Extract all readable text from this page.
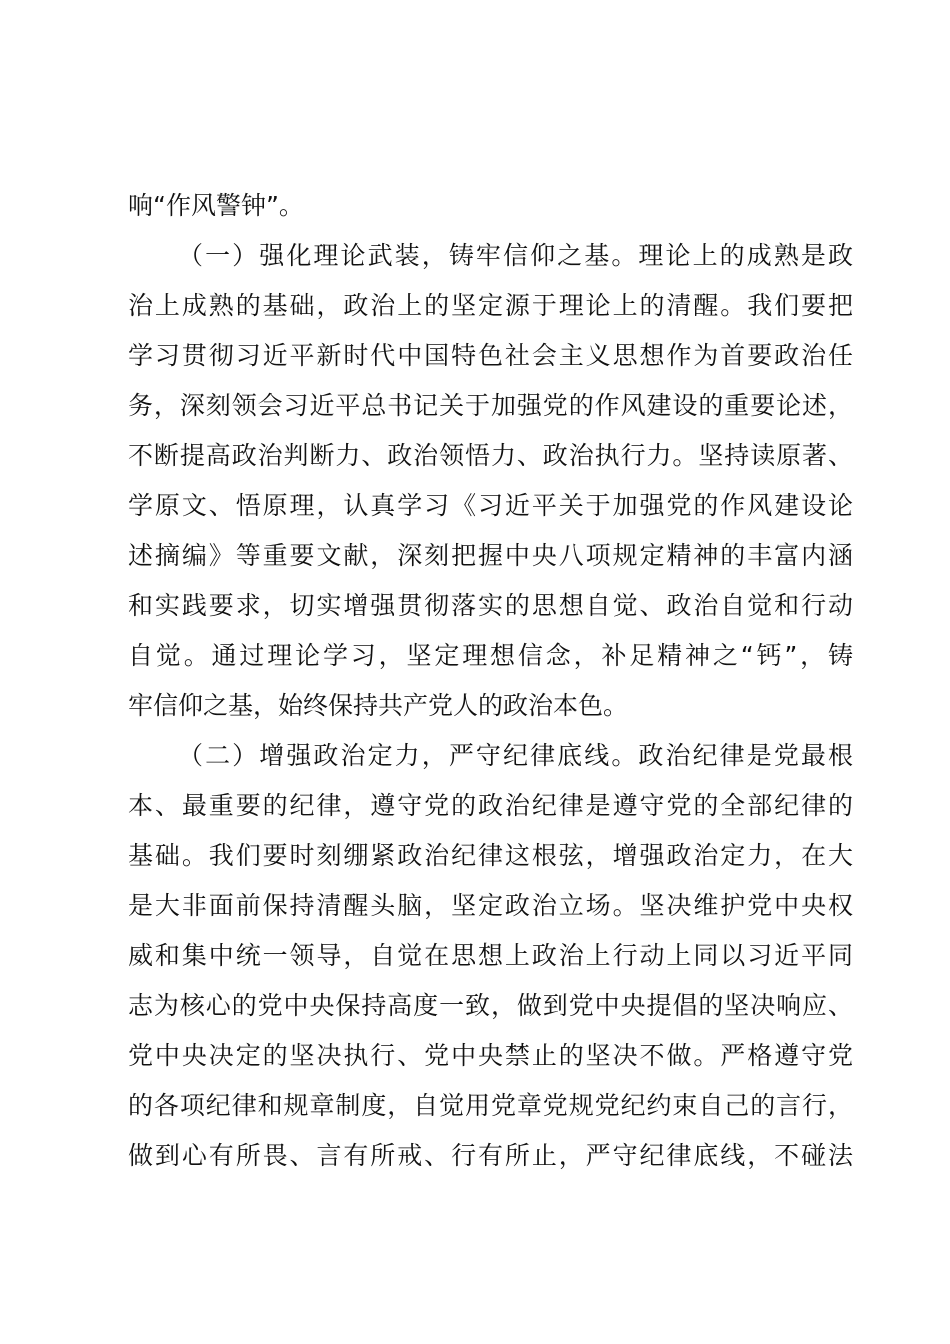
响“作风警钟”。
（一）强化理论武装，铸牢信仰之基。理论上的成熟是政
治上成熟的基础，政治上的坚定源于理论上的清醒。我们要把
学习贯彻习近平新时代中国特色社会主义思想作为首要政治任
务，深刻领会习近平总书记关于加强党的作风建设的重要论述，
不断提高政治判断力、政治领悟力、政治执行力。坚持读原著、
学原文、悟原理，认真学习《习近平关于加强党的作风建设论
述摘编》等重要文献，深刻把握中央八项规定精神的丰富内涵
和实践要求，切实增强贯彻落实的思想自觉、政治自觉和行动
自觉。通过理论学习，坚定理想信念，补足精神之“钙”，铸
牢信仰之基，始终保持共产党人的政治本色。
（二）增强政治定力，严守纪律底线。政治纪律是党最根
本、最重要的纪律，遵守党的政治纪律是遵守党的全部纪律的
基础。我们要时刻绷紧政治纪律这根弦，增强政治定力，在大
是大非面前保持清醒头脑，坚定政治立场。坚决维护党中央权
威和集中统一领导，自觉在思想上政治上行动上同以习近平同
志为核心的党中央保持高度一致，做到党中央提倡的坚决响应、
党中央决定的坚决执行、党中央禁止的坚决不做。严格遵守党
的各项纪律和规章制度，自觉用党章党规党纪约束自己的言行，
做到心有所畏、言有所戒、行有所止，严守纪律底线，不碰法
